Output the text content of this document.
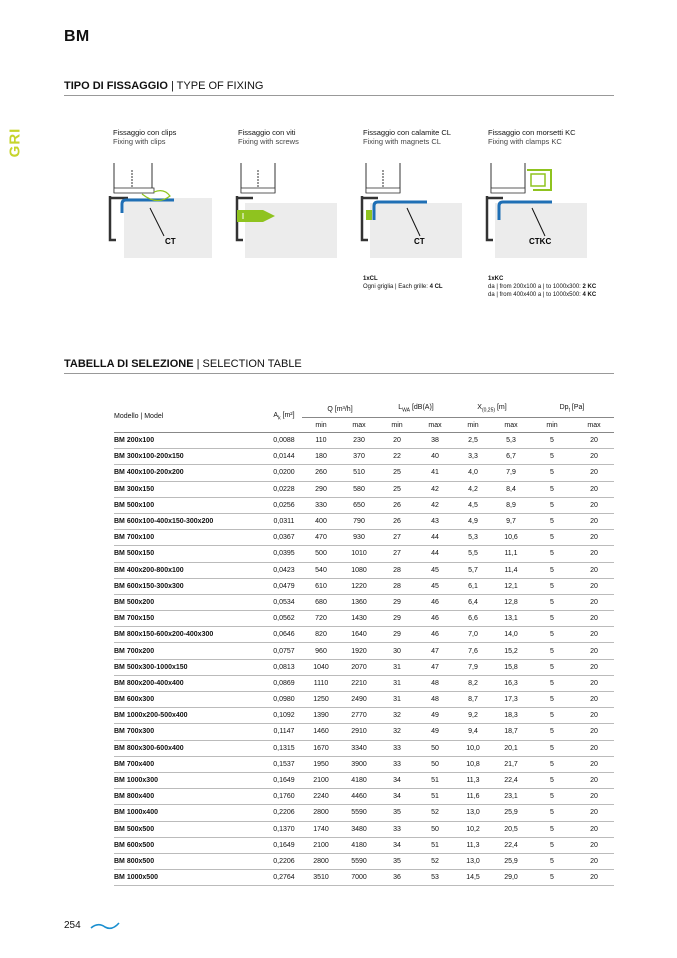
BM
GRI
TIPO DI FISSAGGIO | TYPE OF FIXING
Fissaggio con clips
Fixing with clips
Fissaggio con viti
Fixing with screws
Fissaggio con calamite CL
Fixing with magnets CL
Fissaggio con morsetti KC
Fixing with clamps KC
CT	CT	CTKC
1xCL
Ogni griglia | Each grille: 4 CL
1xKC
da | from 200x100 a | to 1000x300: 2 KC
da | from 400x400 a | to 1000x500: 4 KC
TABELLA DI SELEZIONE | SELECTION TABLE
Modello | Model	$A_k$ [m²]	Q [m³/h]		$L_{WA}$ [dB(A)]		$X_{(0,25)}$ [m]		$Dp_t$ [Pa]	
		min	max	min	max	min	max	min	max
BM 200x100	0,0088	110	230	20	38	2,5	5,3	5	20
BM 300x100-200x150	0,0144	180	370	22	40	3,3	6,7	5	20
BM 400x100-200x200	0,0200	260	510	25	41	4,0	7,9	5	20
BM 300x150	0,0228	290	580	25	42	4,2	8,4	5	20
BM 500x100	0,0256	330	650	26	42	4,5	8,9	5	20
BM 600x100-400x150-300x200	0,0311	400	790	26	43	4,9	9,7	5	20
BM 700x100	0,0367	470	930	27	44	5,3	10,6	5	20
BM 500x150	0,0395	500	1010	27	44	5,5	11,1	5	20
BM 400x200-800x100	0,0423	540	1080	28	45	5,7	11,4	5	20
BM 600x150-300x300	0,0479	610	1220	28	45	6,1	12,1	5	20
BM 500x200	0,0534	680	1360	29	46	6,4	12,8	5	20
BM 700x150	0,0562	720	1430	29	46	6,6	13,1	5	20
BM 800x150-600x200-400x300	0,0646	820	1640	29	46	7,0	14,0	5	20
BM 700x200	0,0757	960	1920	30	47	7,6	15,2	5	20
BM 500x300-1000x150	0,0813	1040	2070	31	47	7,9	15,8	5	20
BM 800x200-400x400	0,0869	1110	2210	31	48	8,2	16,3	5	20
BM 600x300	0,0980	1250	2490	31	48	8,7	17,3	5	20
BM 1000x200-500x400	0,1092	1390	2770	32	49	9,2	18,3	5	20
BM 700x300	0,1147	1460	2910	32	49	9,4	18,7	5	20
BM 800x300-600x400	0,1315	1670	3340	33	50	10,0	20,1	5	20
BM 700x400	0,1537	1950	3900	33	50	10,8	21,7	5	20
BM 1000x300	0,1649	2100	4180	34	51	11,3	22,4	5	20
BM 800x400	0,1760	2240	4460	34	51	11,6	23,1	5	20
BM 1000x400	0,2206	2800	5590	35	52	13,0	25,9	5	20
BM 500x500	0,1370	1740	3480	33	50	10,2	20,5	5	20
BM 600x500	0,1649	2100	4180	34	51	11,3	22,4	5	20
BM 800x500	0,2206	2800	5590	35	52	13,0	25,9	5	20
BM 1000x500	0,2764	3510	7000	36	53	14,5	29,0	5	20
254
